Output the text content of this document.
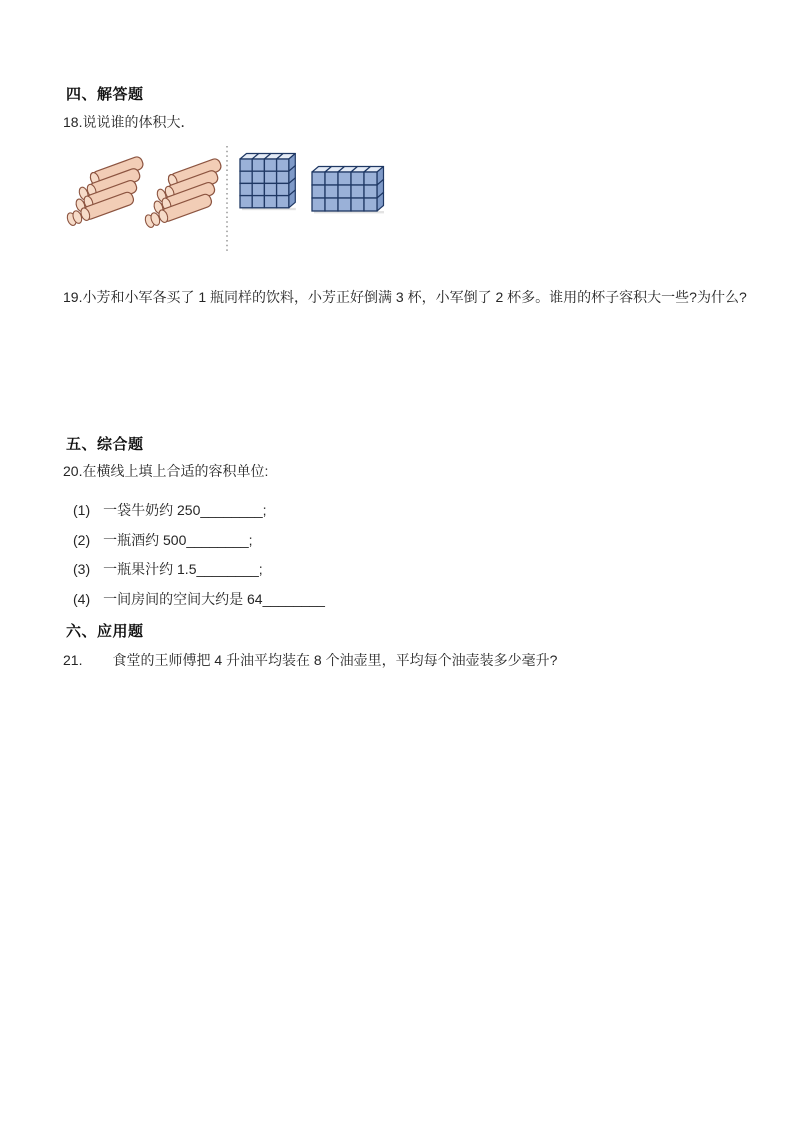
四、解答题
18.说说谁的体积大．
19.小芳和小军各买了 1 瓶同样的饮料，小芳正好倒满 3 杯，小军倒了 2 杯多。谁用的杯子容积大一些?为什么?
五、综合题
20.在横线上填上合适的容积单位:
(1) 一袋牛奶约 250________;
(2) 一瓶酒约 500________;
(3) 一瓶果汁约 1.5________;
(4) 一间房间的空间大约是 64________
六、应用题
21. 食堂的王师傅把 4 升油平均装在 8 个油壶里，平均每个油壶装多少毫升?
